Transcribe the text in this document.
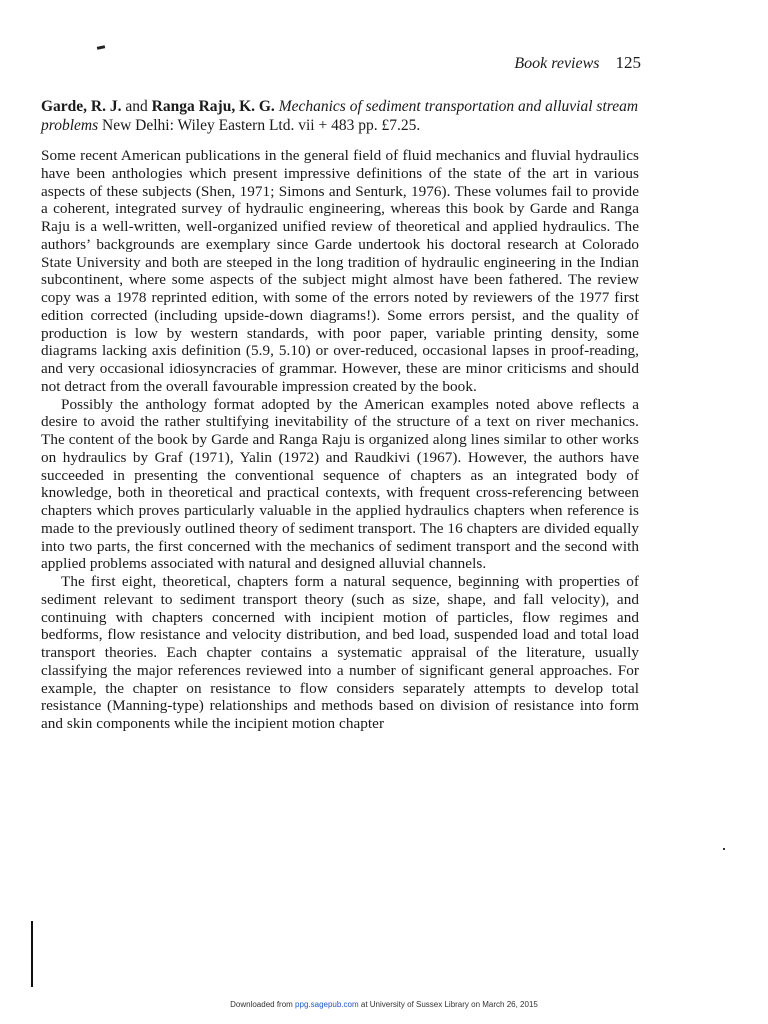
Book reviews 125
Garde, R. J. and Ranga Raju, K. G. Mechanics of sediment transportation and alluvial stream problems New Delhi: Wiley Eastern Ltd. vii + 483 pp. £7.25.

Some recent American publications in the general field of fluid mechanics and fluvial hydraulics have been anthologies which present impressive definitions of the state of the art in various aspects of these subjects (Shen, 1971; Simons and Senturk, 1976). These volumes fail to provide a coherent, integrated survey of hydraulic engineering, whereas this book by Garde and Ranga Raju is a well-written, well-organized unified review of theoretical and applied hydraulics. The authors’ backgrounds are exemplary since Garde undertook his doctoral research at Colorado State University and both are steeped in the long tradition of hydraulic engineering in the Indian subcontinent, where some aspects of the subject might almost have been fathered. The review copy was a 1978 reprinted edition, with some of the errors noted by reviewers of the 1977 first edition corrected (including upside-down diagrams!). Some errors persist, and the quality of production is low by western standards, with poor paper, variable printing density, some diagrams lacking axis definition (5.9, 5.10) or over-reduced, occasional lapses in proof-reading, and very occasional idiosyncracies of grammar. However, these are minor criticisms and should not detract from the overall favourable impression created by the book.

Possibly the anthology format adopted by the American examples noted above reflects a desire to avoid the rather stultifying inevitability of the structure of a text on river mechanics. The content of the book by Garde and Ranga Raju is organized along lines similar to other works on hydraulics by Graf (1971), Yalin (1972) and Raudkivi (1967). However, the authors have succeeded in presenting the conventional sequence of chapters as an integrated body of knowledge, both in theoretical and practical contexts, with frequent cross-referencing between chapters which proves particularly valuable in the applied hydraulics chapters when reference is made to the previously outlined theory of sediment transport. The 16 chapters are divided equally into two parts, the first concerned with the mechanics of sediment transport and the second with applied problems associated with natural and designed alluvial channels.

The first eight, theoretical, chapters form a natural sequence, beginning with properties of sediment relevant to sediment transport theory (such as size, shape, and fall velocity), and continuing with chapters concerned with incipient motion of particles, flow regimes and bedforms, flow resistance and velocity distribution, and bed load, suspended load and total load transport theories. Each chapter contains a systematic appraisal of the literature, usually classifying the major references reviewed into a number of significant general approaches. For example, the chapter on resistance to flow considers separately attempts to develop total resistance (Manning-type) relationships and methods based on division of resistance into form and skin components while the incipient motion chapter

Downloaded from ppg.sagepub.com at University of Sussex Library on March 26, 2015
